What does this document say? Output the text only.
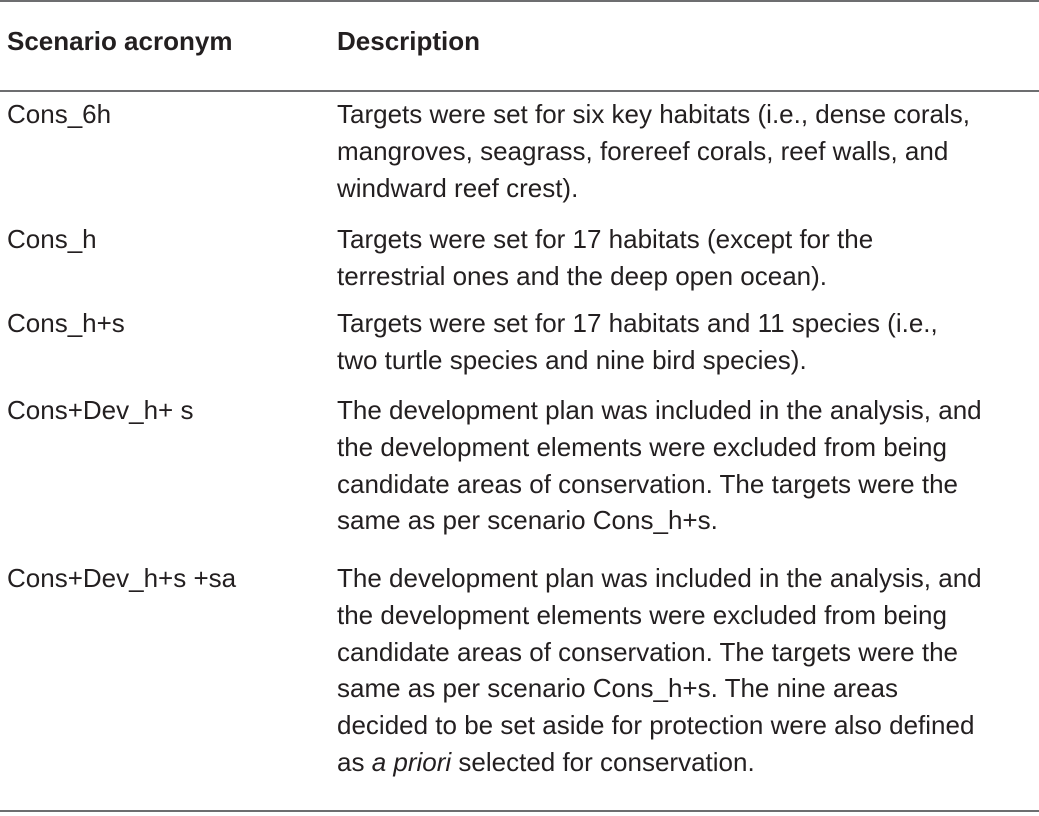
Scenario acronym	Description
Cons_6h	Targets were set for six key habitats (i.e., dense corals,
mangroves, seagrass, forereef corals, reef walls, and
windward reef crest).
Cons_h	Targets were set for 17 habitats (except for the
terrestrial ones and the deep open ocean).
Cons_h+s	Targets were set for 17 habitats and 11 species (i.e.,
two turtle species and nine bird species).
Cons+Dev_h+ s	The development plan was included in the analysis, and
the development elements were excluded from being
candidate areas of conservation. The targets were the
same as per scenario Cons_h+s.
Cons+Dev_h+s +sa	The development plan was included in the analysis, and
the development elements were excluded from being
candidate areas of conservation. The targets were the
same as per scenario Cons_h+s. The nine areas
decided to be set aside for protection were also defined
as a priori selected for conservation.
